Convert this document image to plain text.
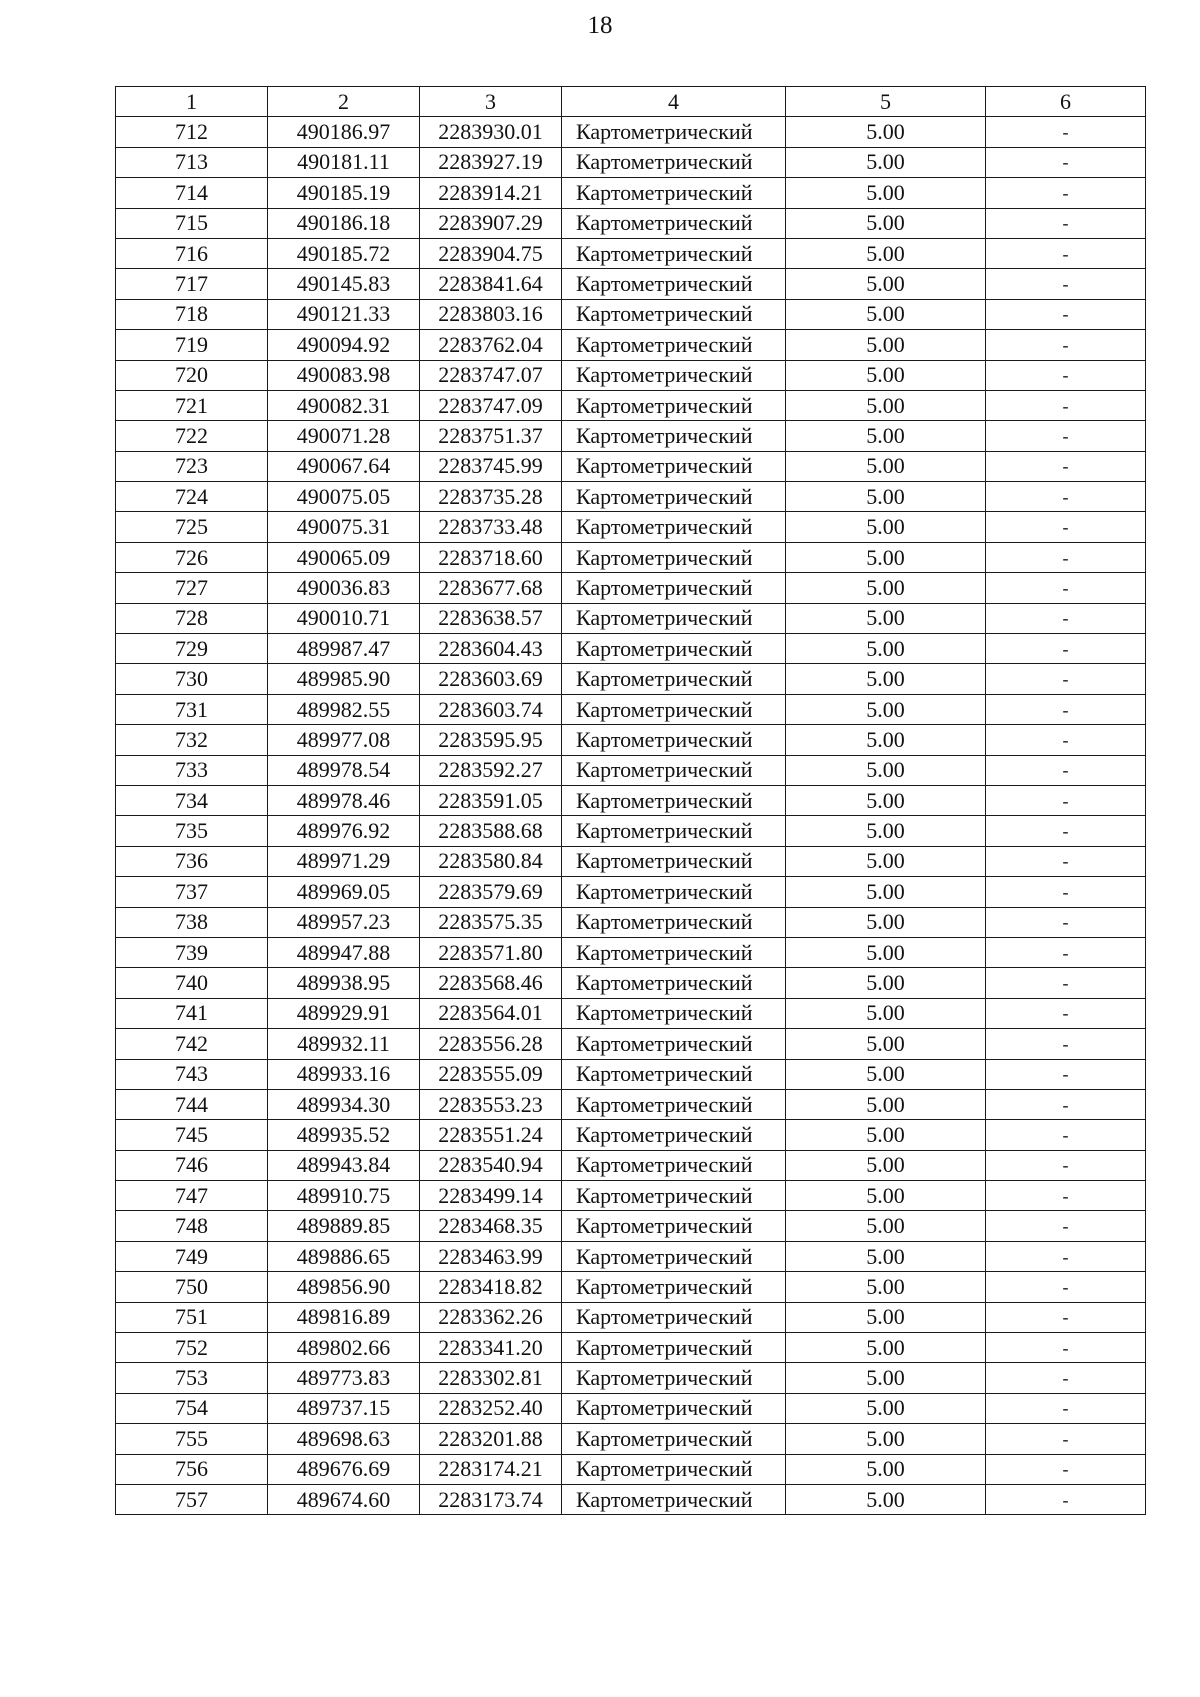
18
1	2	3	4	5	6
712	490186.97	2283930.01	Картометрический	5.00	-
713	490181.11	2283927.19	Картометрический	5.00	-
714	490185.19	2283914.21	Картометрический	5.00	-
715	490186.18	2283907.29	Картометрический	5.00	-
716	490185.72	2283904.75	Картометрический	5.00	-
717	490145.83	2283841.64	Картометрический	5.00	-
718	490121.33	2283803.16	Картометрический	5.00	-
719	490094.92	2283762.04	Картометрический	5.00	-
720	490083.98	2283747.07	Картометрический	5.00	-
721	490082.31	2283747.09	Картометрический	5.00	-
722	490071.28	2283751.37	Картометрический	5.00	-
723	490067.64	2283745.99	Картометрический	5.00	-
724	490075.05	2283735.28	Картометрический	5.00	-
725	490075.31	2283733.48	Картометрический	5.00	-
726	490065.09	2283718.60	Картометрический	5.00	-
727	490036.83	2283677.68	Картометрический	5.00	-
728	490010.71	2283638.57	Картометрический	5.00	-
729	489987.47	2283604.43	Картометрический	5.00	-
730	489985.90	2283603.69	Картометрический	5.00	-
731	489982.55	2283603.74	Картометрический	5.00	-
732	489977.08	2283595.95	Картометрический	5.00	-
733	489978.54	2283592.27	Картометрический	5.00	-
734	489978.46	2283591.05	Картометрический	5.00	-
735	489976.92	2283588.68	Картометрический	5.00	-
736	489971.29	2283580.84	Картометрический	5.00	-
737	489969.05	2283579.69	Картометрический	5.00	-
738	489957.23	2283575.35	Картометрический	5.00	-
739	489947.88	2283571.80	Картометрический	5.00	-
740	489938.95	2283568.46	Картометрический	5.00	-
741	489929.91	2283564.01	Картометрический	5.00	-
742	489932.11	2283556.28	Картометрический	5.00	-
743	489933.16	2283555.09	Картометрический	5.00	-
744	489934.30	2283553.23	Картометрический	5.00	-
745	489935.52	2283551.24	Картометрический	5.00	-
746	489943.84	2283540.94	Картометрический	5.00	-
747	489910.75	2283499.14	Картометрический	5.00	-
748	489889.85	2283468.35	Картометрический	5.00	-
749	489886.65	2283463.99	Картометрический	5.00	-
750	489856.90	2283418.82	Картометрический	5.00	-
751	489816.89	2283362.26	Картометрический	5.00	-
752	489802.66	2283341.20	Картометрический	5.00	-
753	489773.83	2283302.81	Картометрический	5.00	-
754	489737.15	2283252.40	Картометрический	5.00	-
755	489698.63	2283201.88	Картометрический	5.00	-
756	489676.69	2283174.21	Картометрический	5.00	-
757	489674.60	2283173.74	Картометрический	5.00	-
